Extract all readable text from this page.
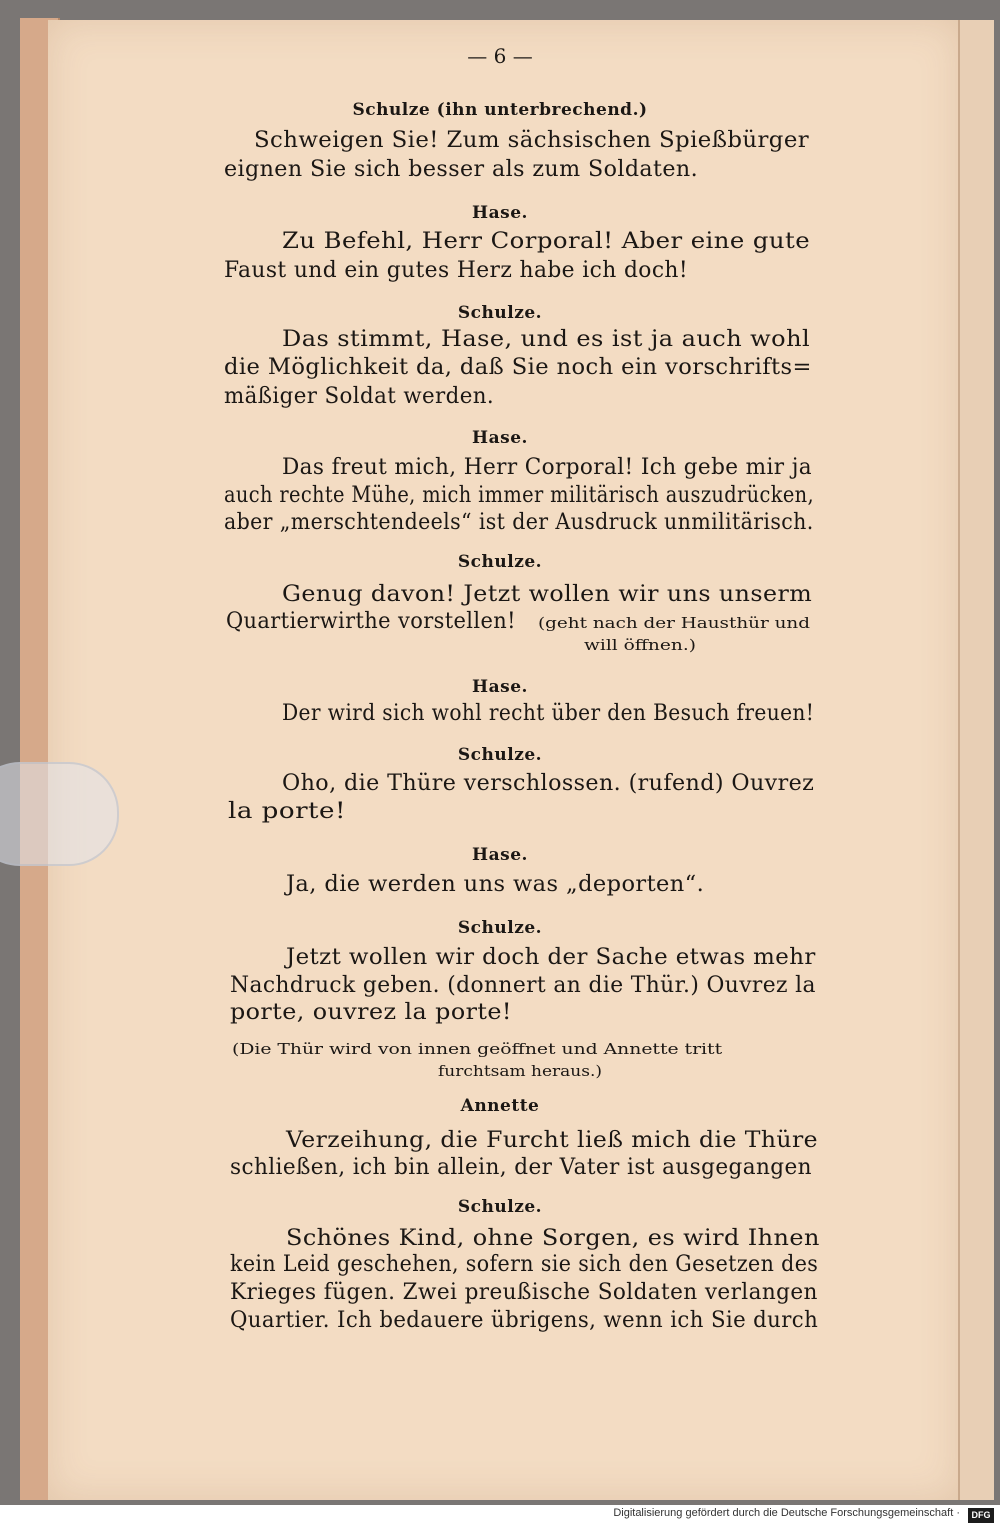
— 6 —
Schulze (ihn unterbrechend.)
Schweigen Sie! Zum sächsischen Spießbürger
eignen Sie sich besser als zum Soldaten.
Hase.
Zu Befehl, Herr Corporal! Aber eine gute
Faust und ein gutes Herz habe ich doch!
Schulze.
Das stimmt, Hase, und es ist ja auch wohl
die Möglichkeit da, daß Sie noch ein vorschrifts=
mäßiger Soldat werden.
Hase.
Das freut mich, Herr Corporal! Ich gebe mir ja
auch rechte Mühe, mich immer militärisch auszudrücken,
aber „merschtendeels“ ist der Ausdruck unmilitärisch.
Schulze.
Genug davon! Jetzt wollen wir uns unserm
Quartierwirthe vorstellen! (geht nach der Hausthür und
will öffnen.)
Hase.
Der wird sich wohl recht über den Besuch freuen!
Schulze.
Oho, die Thüre verschlossen. (rufend) Ouvrez
la porte!
Hase.
Ja, die werden uns was „deporten“.
Schulze.
Jetzt wollen wir doch der Sache etwas mehr
Nachdruck geben. (donnert an die Thür.) Ouvrez la
porte, ouvrez la porte!
(Die Thür wird von innen geöffnet und Annette tritt
furchtsam heraus.)
Annette
Verzeihung, die Furcht ließ mich die Thüre
schließen, ich bin allein, der Vater ist ausgegangen
Schulze.
Schönes Kind, ohne Sorgen, es wird Ihnen
kein Leid geschehen, sofern sie sich den Gesetzen des
Krieges fügen. Zwei preußische Soldaten verlangen
Quartier. Ich bedauere übrigens, wenn ich Sie durch
Digitalisierung gefördert durch die Deutsche Forschungsgemeinschaft ·	DFG
